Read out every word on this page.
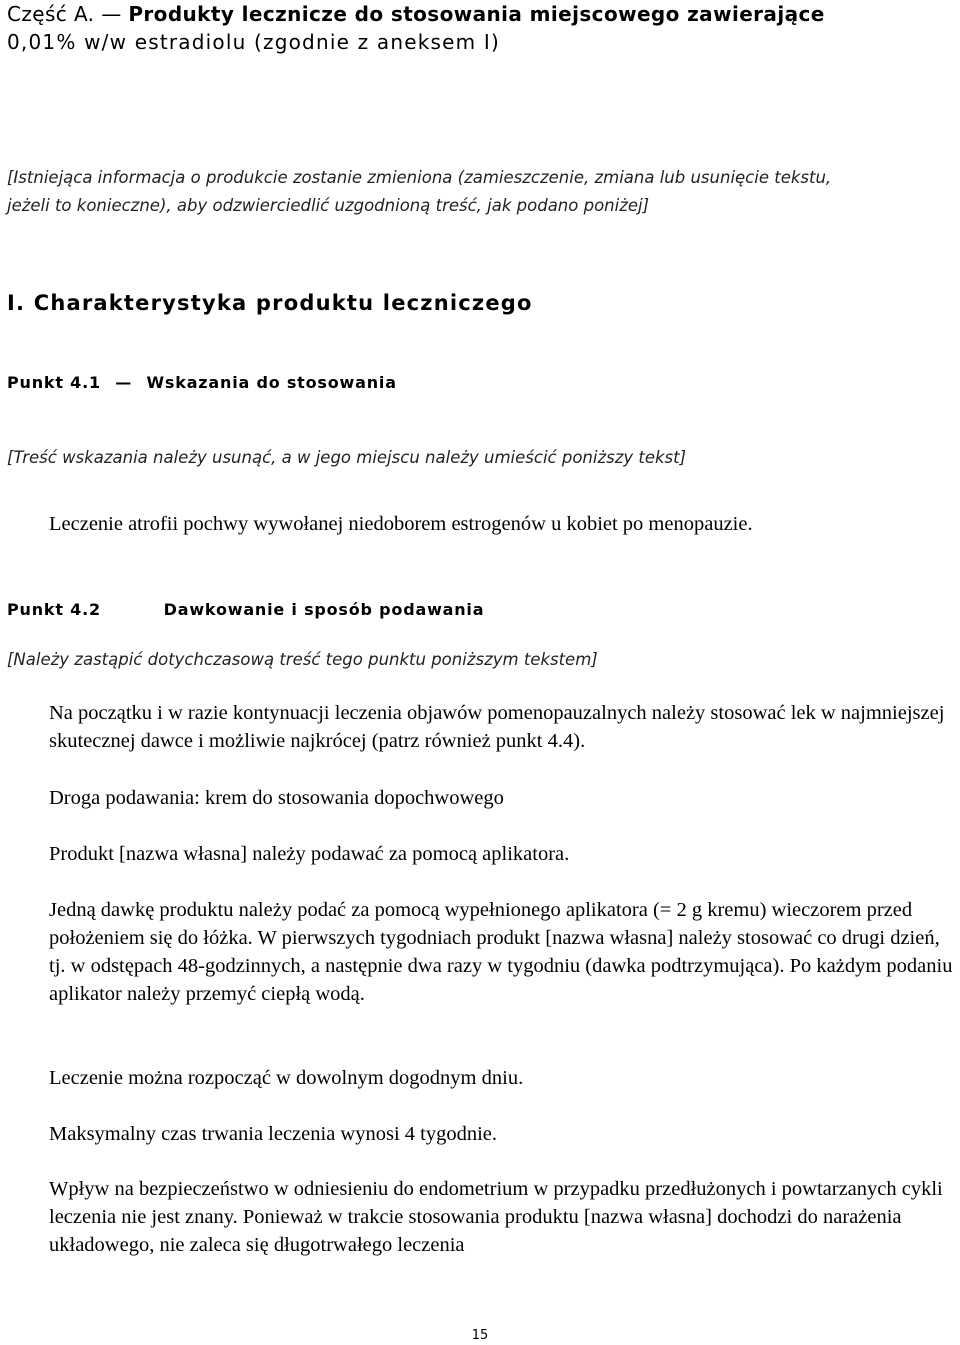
Część A. — Produkty lecznicze do stosowania miejscowego zawierające
0,01% w/w estradiolu (zgodnie z aneksem I)
[Istniejąca informacja o produkcie zostanie zmieniona (zamieszczenie, zmiana lub usunięcie tekstu,
jeżeli to konieczne), aby odzwierciedlić uzgodnioną treść, jak podano poniżej]
I. Charakterystyka produktu leczniczego
Punkt 4.1 — Wskazania do stosowania
[Treść wskazania należy usunąć, a w jego miejscu należy umieścić poniższy tekst]
Leczenie atrofii pochwy wywołanej niedoborem estrogenów u kobiet po menopauzie.
Punkt 4.2	Dawkowanie i sposób podawania
[Należy zastąpić dotychczasową treść tego punktu poniższym tekstem]
Na początku i w razie kontynuacji leczenia objawów pomenopauzalnych należy stosować lek w najmniejszej skutecznej dawce i możliwie najkrócej (patrz również punkt 4.4).
Droga podawania: krem do stosowania dopochwowego
Produkt [nazwa własna] należy podawać za pomocą aplikatora.
Jedną dawkę produktu należy podać za pomocą wypełnionego aplikatora (= 2 g kremu) wieczorem przed położeniem się do łóżka. W pierwszych tygodniach produkt [nazwa własna] należy stosować co drugi dzień, tj. w odstępach 48-godzinnych, a następnie dwa razy w tygodniu (dawka podtrzymująca). Po każdym podaniu aplikator należy przemyć ciepłą wodą.
Leczenie można rozpocząć w dowolnym dogodnym dniu.
Maksymalny czas trwania leczenia wynosi 4 tygodnie.
Wpływ na bezpieczeństwo w odniesieniu do endometrium w przypadku przedłużonych i powtarzanych cykli leczenia nie jest znany. Ponieważ w trakcie stosowania produktu [nazwa własna] dochodzi do narażenia układowego, nie zaleca się długotrwałego leczenia
15
